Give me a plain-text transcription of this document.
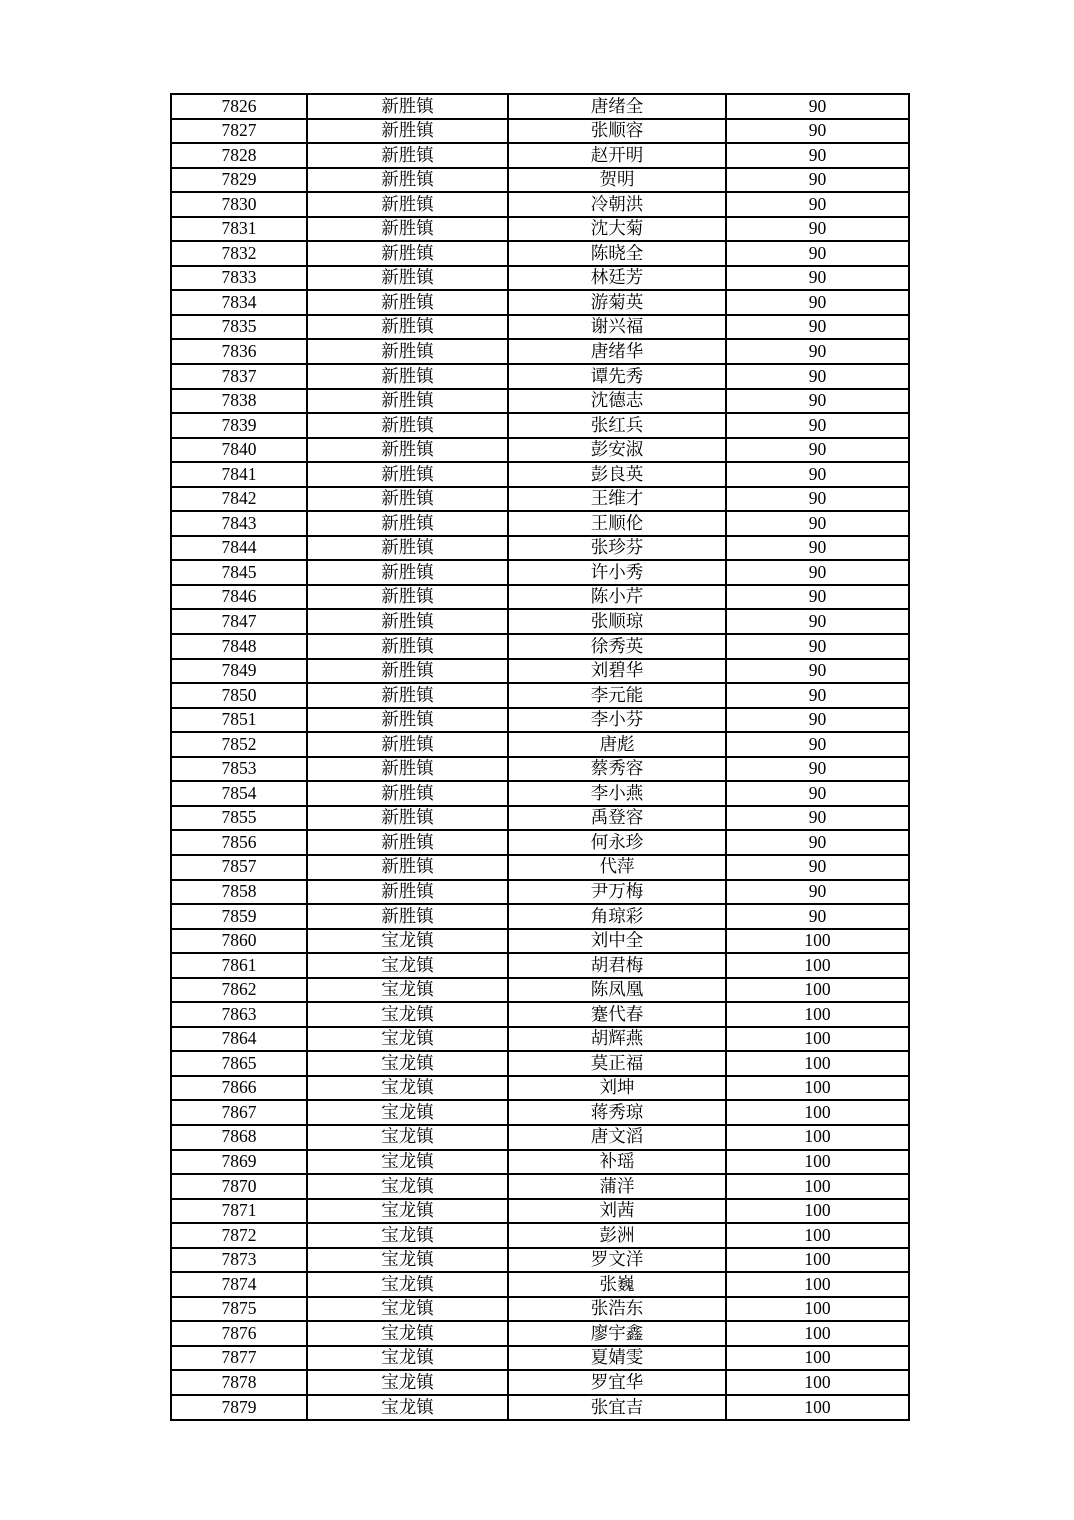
7826	新胜镇	唐绪全	90
7827	新胜镇	张顺容	90
7828	新胜镇	赵开明	90
7829	新胜镇	贺明	90
7830	新胜镇	冷朝洪	90
7831	新胜镇	沈大菊	90
7832	新胜镇	陈晓全	90
7833	新胜镇	林廷芳	90
7834	新胜镇	游菊英	90
7835	新胜镇	谢兴福	90
7836	新胜镇	唐绪华	90
7837	新胜镇	谭先秀	90
7838	新胜镇	沈德志	90
7839	新胜镇	张红兵	90
7840	新胜镇	彭安淑	90
7841	新胜镇	彭良英	90
7842	新胜镇	王维才	90
7843	新胜镇	王顺伦	90
7844	新胜镇	张珍芬	90
7845	新胜镇	许小秀	90
7846	新胜镇	陈小芹	90
7847	新胜镇	张顺琼	90
7848	新胜镇	徐秀英	90
7849	新胜镇	刘碧华	90
7850	新胜镇	李元能	90
7851	新胜镇	李小芬	90
7852	新胜镇	唐彪	90
7853	新胜镇	蔡秀容	90
7854	新胜镇	李小燕	90
7855	新胜镇	禹登容	90
7856	新胜镇	何永珍	90
7857	新胜镇	代萍	90
7858	新胜镇	尹万梅	90
7859	新胜镇	角琼彩	90
7860	宝龙镇	刘中全	100
7861	宝龙镇	胡君梅	100
7862	宝龙镇	陈凤凰	100
7863	宝龙镇	蹇代春	100
7864	宝龙镇	胡辉燕	100
7865	宝龙镇	莫正福	100
7866	宝龙镇	刘坤	100
7867	宝龙镇	蒋秀琼	100
7868	宝龙镇	唐文滔	100
7869	宝龙镇	补瑶	100
7870	宝龙镇	蒲洋	100
7871	宝龙镇	刘茜	100
7872	宝龙镇	彭洲	100
7873	宝龙镇	罗文洋	100
7874	宝龙镇	张巍	100
7875	宝龙镇	张浩东	100
7876	宝龙镇	廖宇鑫	100
7877	宝龙镇	夏婧雯	100
7878	宝龙镇	罗宜华	100
7879	宝龙镇	张宜吉	100
